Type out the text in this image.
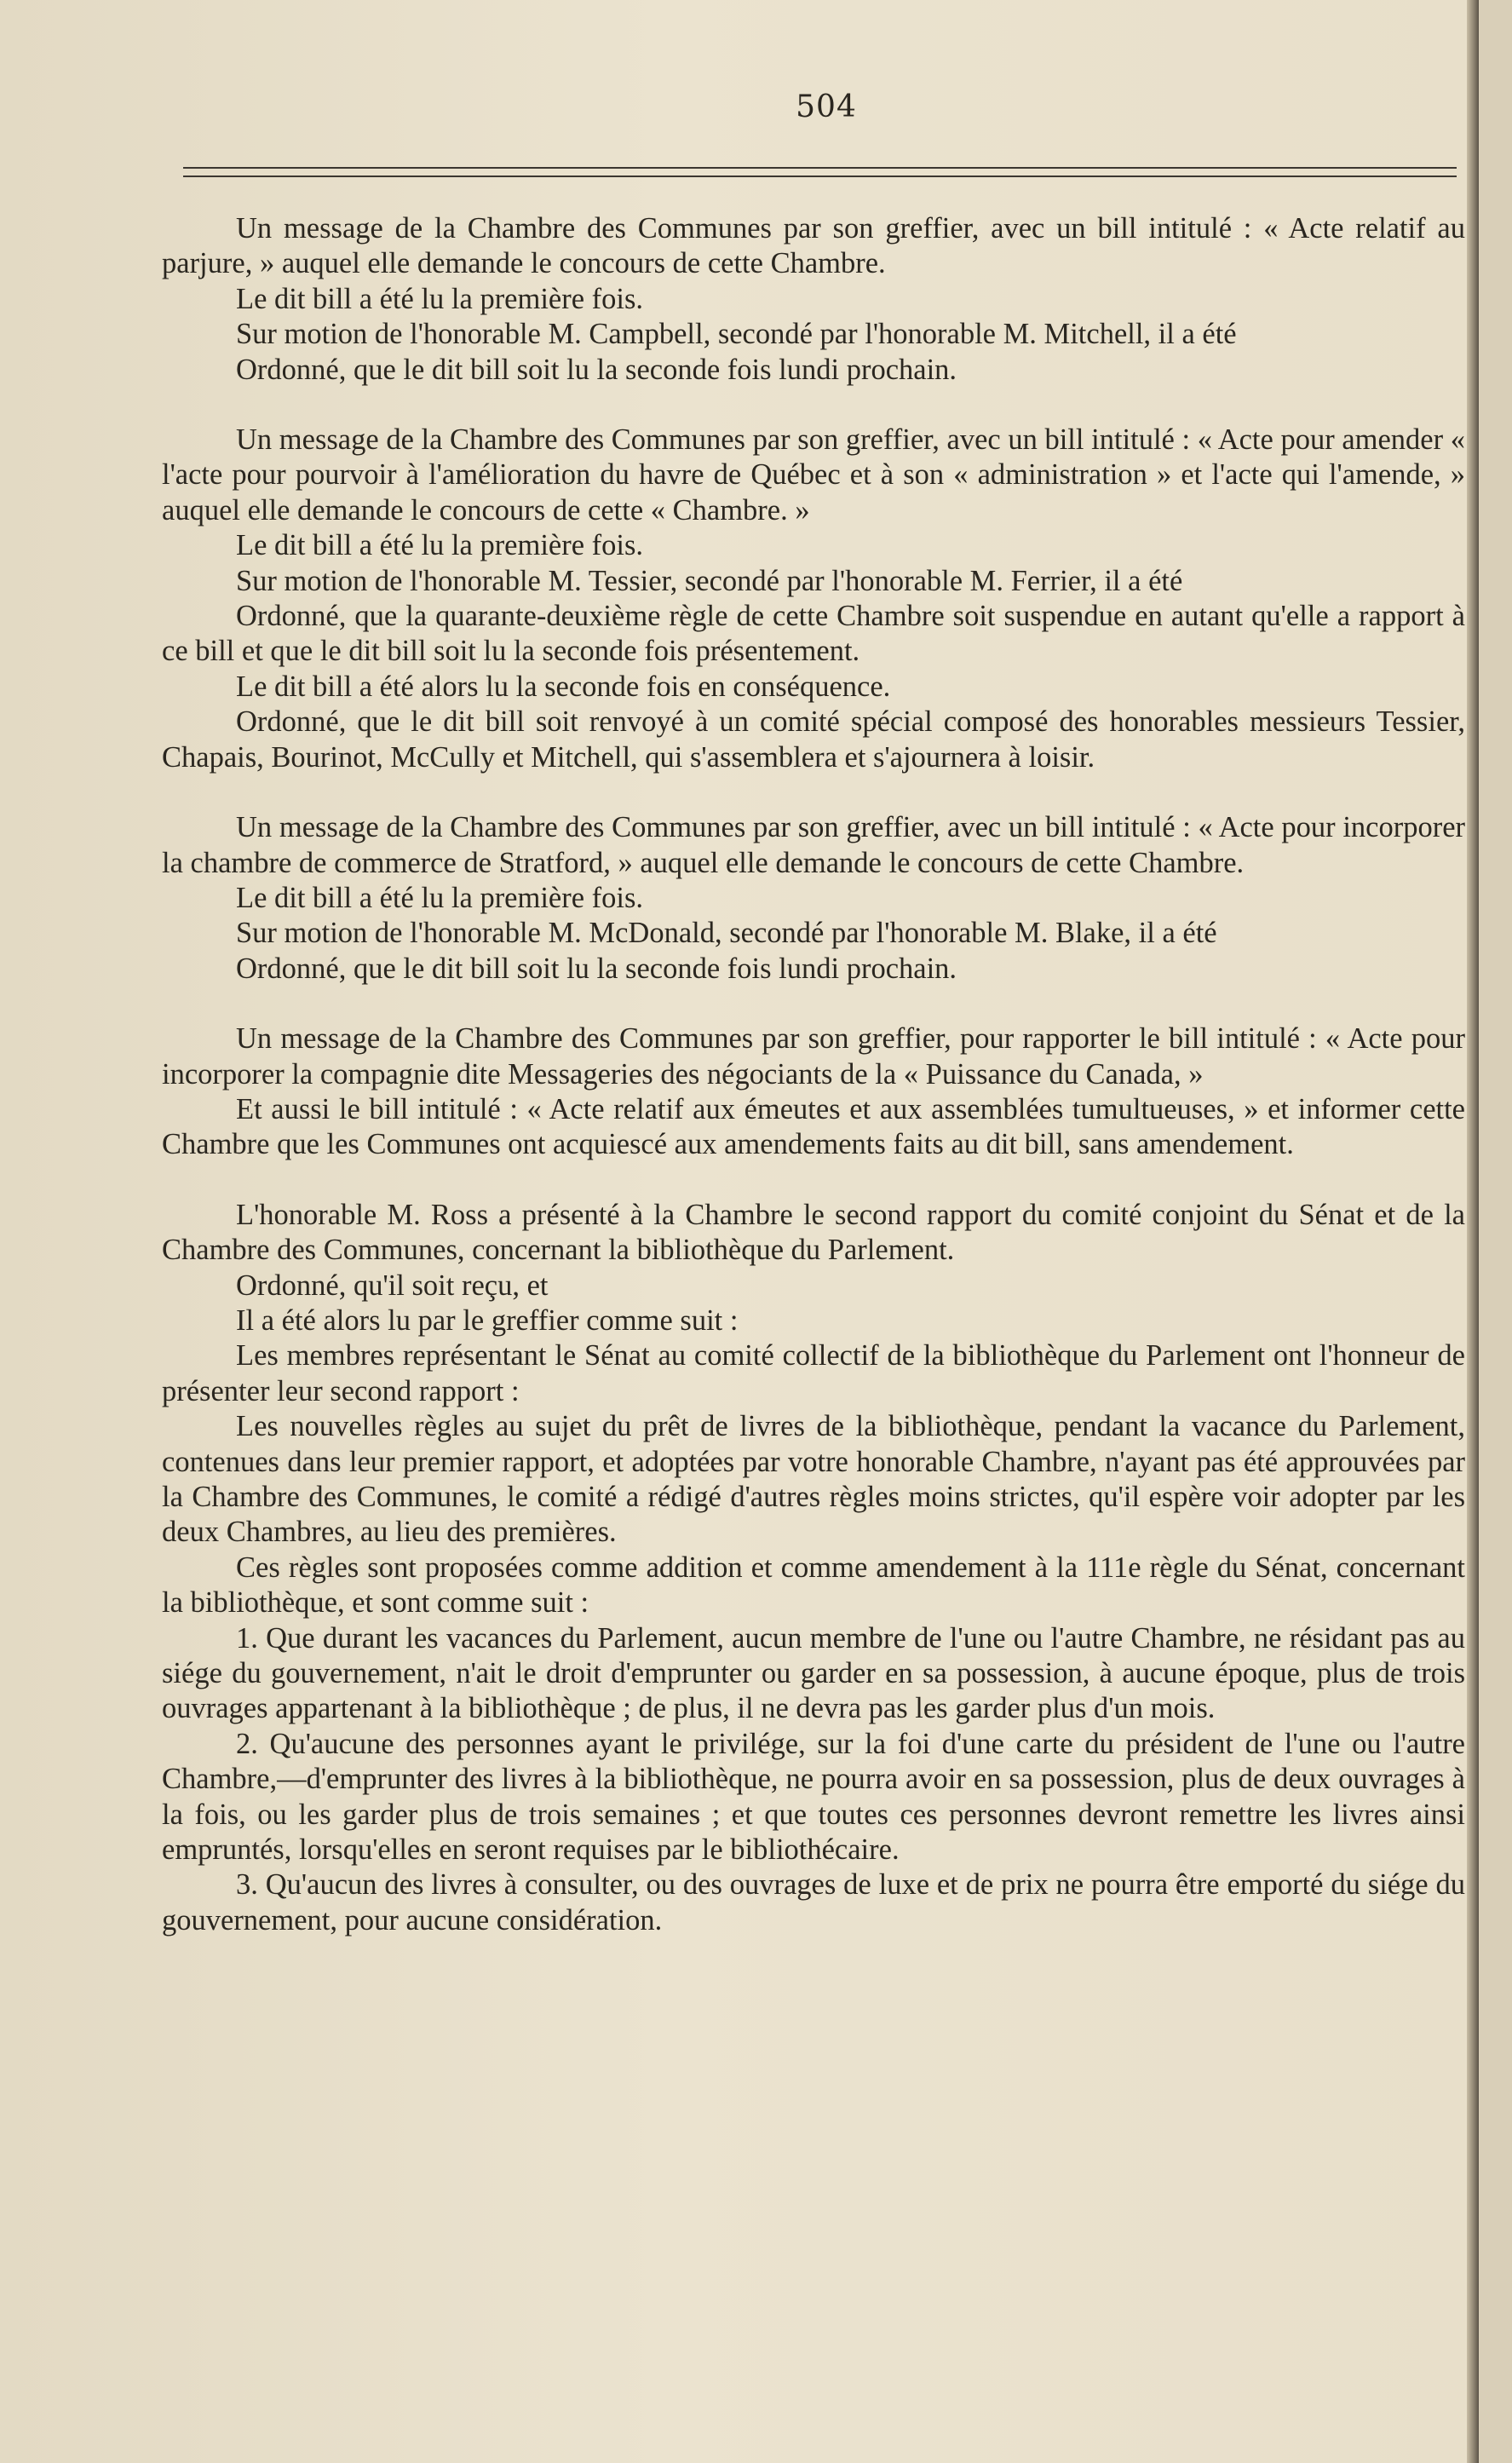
504

Un message de la Chambre des Communes par son greffier, avec un bill intitulé : « Acte relatif au parjure, » auquel elle demande le concours de cette Chambre.

Le dit bill a été lu la première fois.

Sur motion de l'honorable M. Campbell, secondé par l'honorable M. Mitchell, il a été

Ordonné, que le dit bill soit lu la seconde fois lundi prochain.

Un message de la Chambre des Communes par son greffier, avec un bill intitulé : « Acte pour amender « l'acte pour pourvoir à l'amélioration du havre de Québec et à son « administration » et l'acte qui l'amende, » auquel elle demande le concours de cette « Chambre. »

Le dit bill a été lu la première fois.

Sur motion de l'honorable M. Tessier, secondé par l'honorable M. Ferrier, il a été

Ordonné, que la quarante-deuxième règle de cette Chambre soit suspendue en autant qu'elle a rapport à ce bill et que le dit bill soit lu la seconde fois présentement.

Le dit bill a été alors lu la seconde fois en conséquence.

Ordonné, que le dit bill soit renvoyé à un comité spécial composé des honorables messieurs Tessier, Chapais, Bourinot, McCully et Mitchell, qui s'assemblera et s'ajournera à loisir.

Un message de la Chambre des Communes par son greffier, avec un bill intitulé : « Acte pour incorporer la chambre de commerce de Stratford, » auquel elle demande le concours de cette Chambre.

Le dit bill a été lu la première fois.

Sur motion de l'honorable M. McDonald, secondé par l'honorable M. Blake, il a été

Ordonné, que le dit bill soit lu la seconde fois lundi prochain.

Un message de la Chambre des Communes par son greffier, pour rapporter le bill intitulé : « Acte pour incorporer la compagnie dite Messageries des négociants de la « Puissance du Canada, »

Et aussi le bill intitulé : « Acte relatif aux émeutes et aux assemblées tumultueuses, » et informer cette Chambre que les Communes ont acquiescé aux amendements faits au dit bill, sans amendement.

L'honorable M. Ross a présenté à la Chambre le second rapport du comité conjoint du Sénat et de la Chambre des Communes, concernant la bibliothèque du Parlement.

Ordonné, qu'il soit reçu, et

Il a été alors lu par le greffier comme suit :

Les membres représentant le Sénat au comité collectif de la bibliothèque du Parlement ont l'honneur de présenter leur second rapport :

Les nouvelles règles au sujet du prêt de livres de la bibliothèque, pendant la vacance du Parlement, contenues dans leur premier rapport, et adoptées par votre honorable Chambre, n'ayant pas été approuvées par la Chambre des Communes, le comité a rédigé d'autres règles moins strictes, qu'il espère voir adopter par les deux Chambres, au lieu des premières.

Ces règles sont proposées comme addition et comme amendement à la 111e règle du Sénat, concernant la bibliothèque, et sont comme suit :

1. Que durant les vacances du Parlement, aucun membre de l'une ou l'autre Chambre, ne résidant pas au siége du gouvernement, n'ait le droit d'emprunter ou garder en sa possession, à aucune époque, plus de trois ouvrages appartenant à la bibliothèque ; de plus, il ne devra pas les garder plus d'un mois.

2. Qu'aucune des personnes ayant le privilége, sur la foi d'une carte du président de l'une ou l'autre Chambre,—d'emprunter des livres à la bibliothèque, ne pourra avoir en sa possession, plus de deux ouvrages à la fois, ou les garder plus de trois semaines ; et que toutes ces personnes devront remettre les livres ainsi empruntés, lorsqu'elles en seront requises par le bibliothécaire.

3. Qu'aucun des livres à consulter, ou des ouvrages de luxe et de prix ne pourra être emporté du siége du gouvernement, pour aucune considération.
